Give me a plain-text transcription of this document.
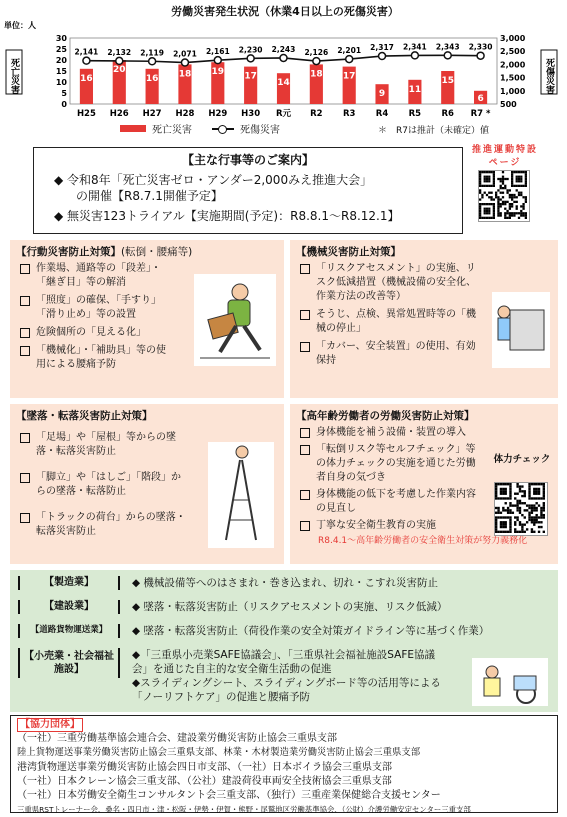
労働災害発生状況（休業4日以上の死傷災害）
単位：人
0
5
10
15
20
25
30
500
1,000
1,500
2,000
2,500
3,000
死亡災害	死傷災害
16
H25
20
H26
16
H27
18
H28
19
H29
17
H30
14
R元
18
R2
17
R3
9
R4
11
R5
15
R6
6
R7 *
2,141 2,132 2,119 2,071 2,161 2,230 2,243 2,126 2,201 2,317 2,341 2,343 2,330
死亡災害	死傷災害	＊　R7は推計（未確定）値
【主な行事等のご案内】
◆ 令和8年「死亡災害ゼロ・アンダー2,000みえ推進大会」
の開催【R8.7.1開催予定】
◆ 無災害123トライアル【実施期間(予定)：R8.8.1～R8.12.1】
推進運動特設ページ
【行動災害防止対策】(転倒・腰痛等)
作業場、通路等の「段差」・「継ぎ目」等の解消
「照度」の確保、「手すり」「滑り止め」等の設置
危険個所の「見える化」
「機械化」・「補助具」等の使用による腰痛予防
【機械災害防止対策】
「リスクアセスメント」の実施、リスク低減措置（機械設備の安全化、作業方法の改善等）
そうじ、点検、異常処置時等の「機械の停止」
「カバー、安全装置」の使用、有効保持
【墜落・転落災害防止対策】
「足場」や「屋根」等からの墜落・転落災害防止
「脚立」や「はしご」「階段」からの墜落・転落防止
「トラックの荷台」からの墜落・転落災害防止
【高年齢労働者の労働災害防止対策】
身体機能を補う設備・装置の導入
「転倒リスク等セルフチェック」等の体力チェックの実施を通じた労働者自身の気づき
身体機能の低下を考慮した作業内容の見直し
丁寧な安全衛生教育の実施
R8.4.1～高年齢労働者の安全衛生対策が努力義務化
体力チェック
【製造業】	◆ 機械設備等へのはさまれ・巻き込まれ、切れ・こすれ災害防止
【建設業】	◆ 墜落・転落災害防止（リスクアセスメントの実施、リスク低減）
【道路貨物運送業】	◆ 墜落・転落災害防止（荷役作業の安全対策ガイドライン等に基づく作業）
【小売業・社会福祉施設】
◆「三重県小売業SAFE協議会」、「三重県社会福祉施設SAFE協議会」を通じた自主的な安全衛生活動の促進
◆スライディングシート、スライディングボード等の活用等による「ノーリフトケア」の促進と腰痛予防
【協力団体】
（一社）三重労働基準協会連合会、建設業労働災害防止協会三重県支部
陸上貨物運送事業労働災害防止協会三重県支部、林業・木材製造業労働災害防止協会三重県支部
港湾貨物運送事業労働災害防止協会四日市支部、（一社）日本ボイラ協会三重県支部
（一社）日本クレーン協会三重支部、（公社）建設荷役車両安全技術協会三重県支部
（一社）日本労働安全衛生コンサルタント会三重支部、（独行）三重産業保健総合支援センター
三重県RSTトレーナー会、桑名・四日市・津・松阪・伊勢・伊賀・熊野・尾鷲地区労働基準協会、（公財）介護労働安定センター三重支部
